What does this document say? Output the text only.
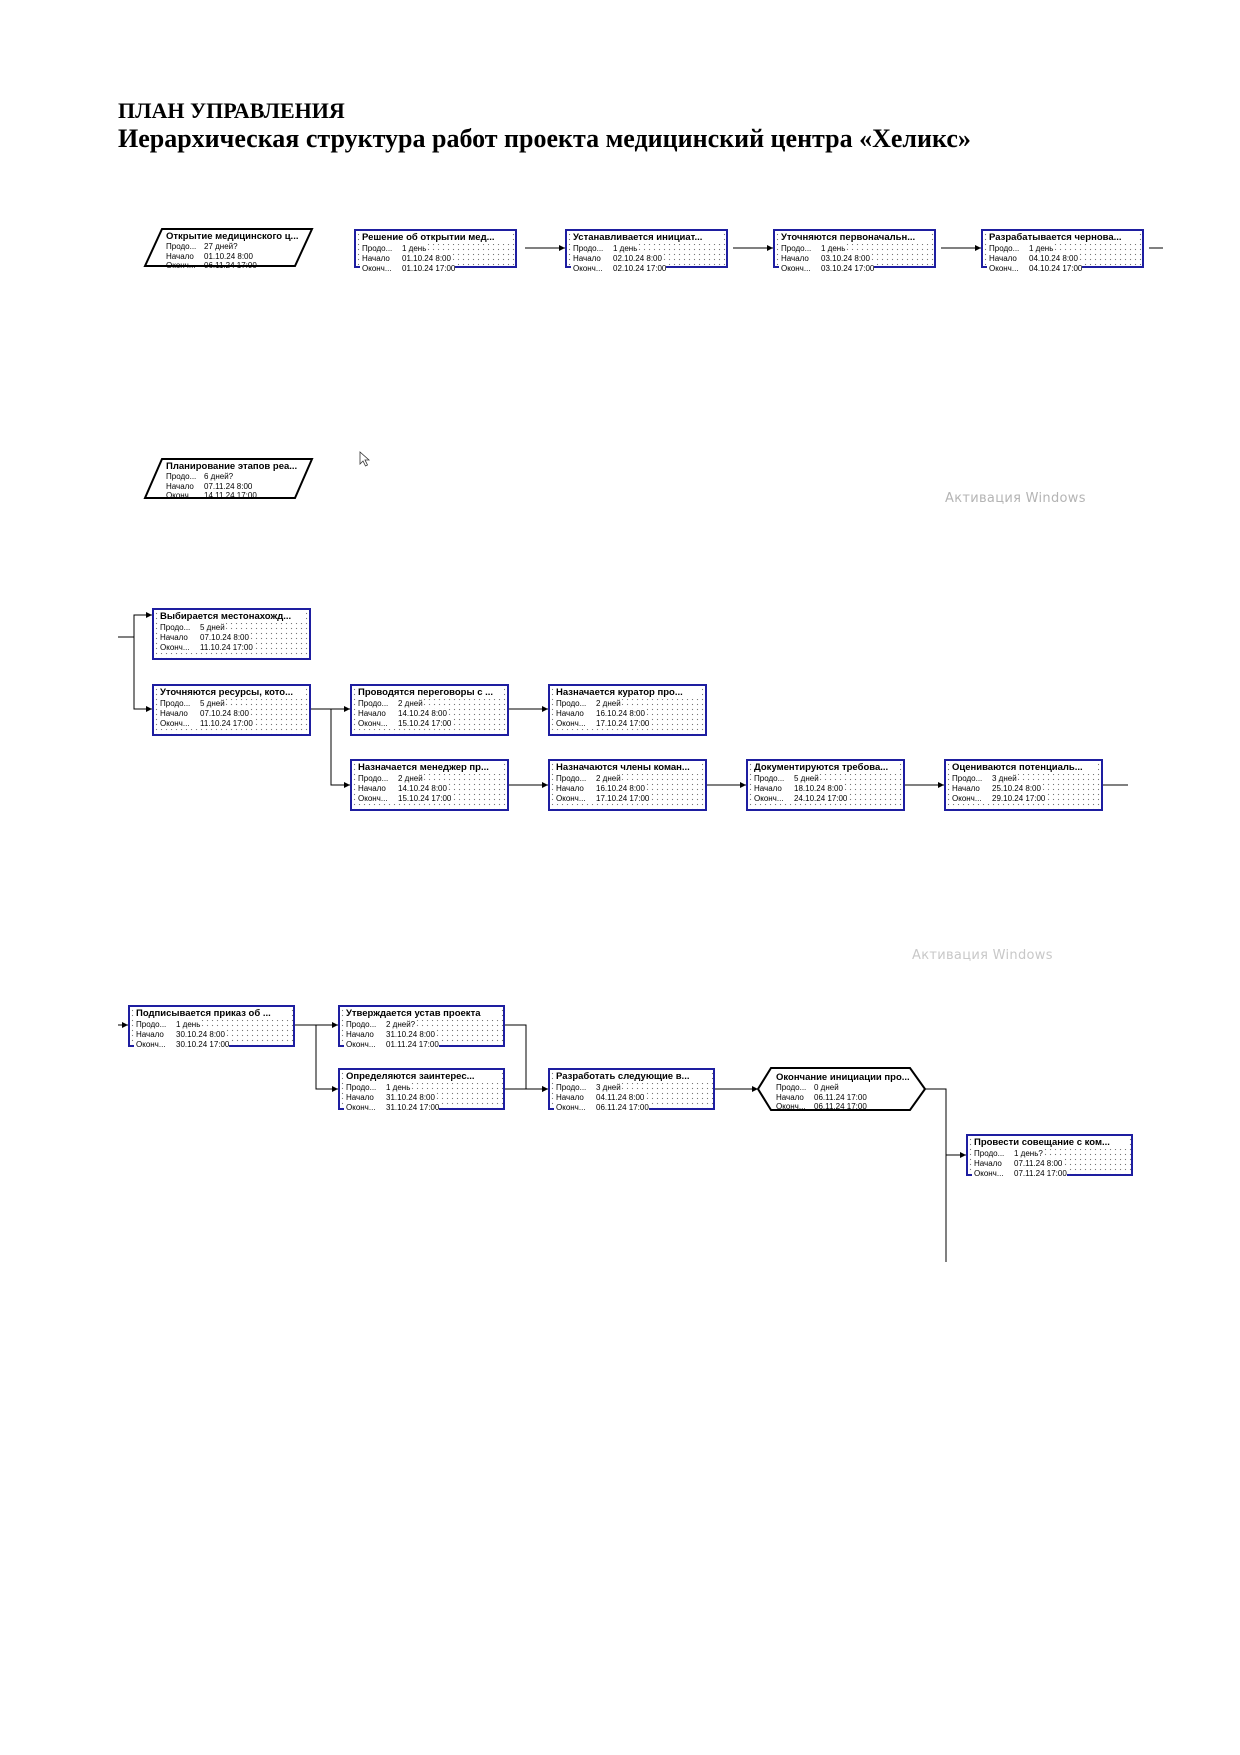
ПЛАН УПРАВЛЕНИЯ
Иерархическая структура работ проекта медицинский центра «Хеликс»
Открытие медицинского ц...
Продо... 27 дней?
Начало 01.10.24 8:00
Оконч... 06.11.24 17:00
Решение об открытии мед...
Продо... 1 день
Начало 01.10.24 8:00
Оконч... 01.10.24 17:00
Устанавливается инициат...
Продо... 1 день
Начало 02.10.24 8:00
Оконч... 02.10.24 17:00
Уточняются первоначальн...
Продо... 1 день
Начало 03.10.24 8:00
Оконч... 03.10.24 17:00
Разрабатывается чернова...
Продо... 1 день
Начало 04.10.24 8:00
Оконч... 04.10.24 17:00
Планирование этапов реа...
Продо... 6 дней?
Начало 07.11.24 8:00
Оконч... 14.11.24 17:00	Активация Windows
Выбирается местонахожд...
Продо... 5 дней
Начало 07.10.24 8:00
Оконч... 11.10.24 17:00
Уточняются ресурсы, кото...
Продо... 5 дней
Начало 07.10.24 8:00
Оконч... 11.10.24 17:00
Проводятся переговоры с ...
Продо... 2 дней
Начало 14.10.24 8:00
Оконч... 15.10.24 17:00
Назначается куратор про...
Продо... 2 дней
Начало 16.10.24 8:00
Оконч... 17.10.24 17:00
Назначается менеджер пр...
Продо... 2 дней
Начало 14.10.24 8:00
Оконч... 15.10.24 17:00
Назначаются члены коман...
Продо... 2 дней
Начало 16.10.24 8:00
Оконч... 17.10.24 17:00
Документируются требова...
Продо... 5 дней
Начало 18.10.24 8:00
Оконч... 24.10.24 17:00
Оцениваются потенциаль...
Продо... 3 дней
Начало 25.10.24 8:00
Оконч... 29.10.24 17:00
Активация Windows
Подписывается приказ об ...
Продо... 1 день
Начало 30.10.24 8:00
Оконч... 30.10.24 17:00
Утверждается устав проекта
Продо... 2 дней?
Начало 31.10.24 8:00
Оконч... 01.11.24 17:00
Определяются заинтерес...
Продо... 1 день
Начало 31.10.24 8:00
Оконч... 31.10.24 17:00
Разработать следующие в...
Продо... 3 дней
Начало 04.11.24 8:00
Оконч... 06.11.24 17:00
Окончание инициации про...
Продо... 0 дней
Начало 06.11.24 17:00
Оконч... 06.11.24 17:00
Провести совещание с ком...
Продо... 1 день?
Начало 07.11.24 8:00
Оконч... 07.11.24 17:00
